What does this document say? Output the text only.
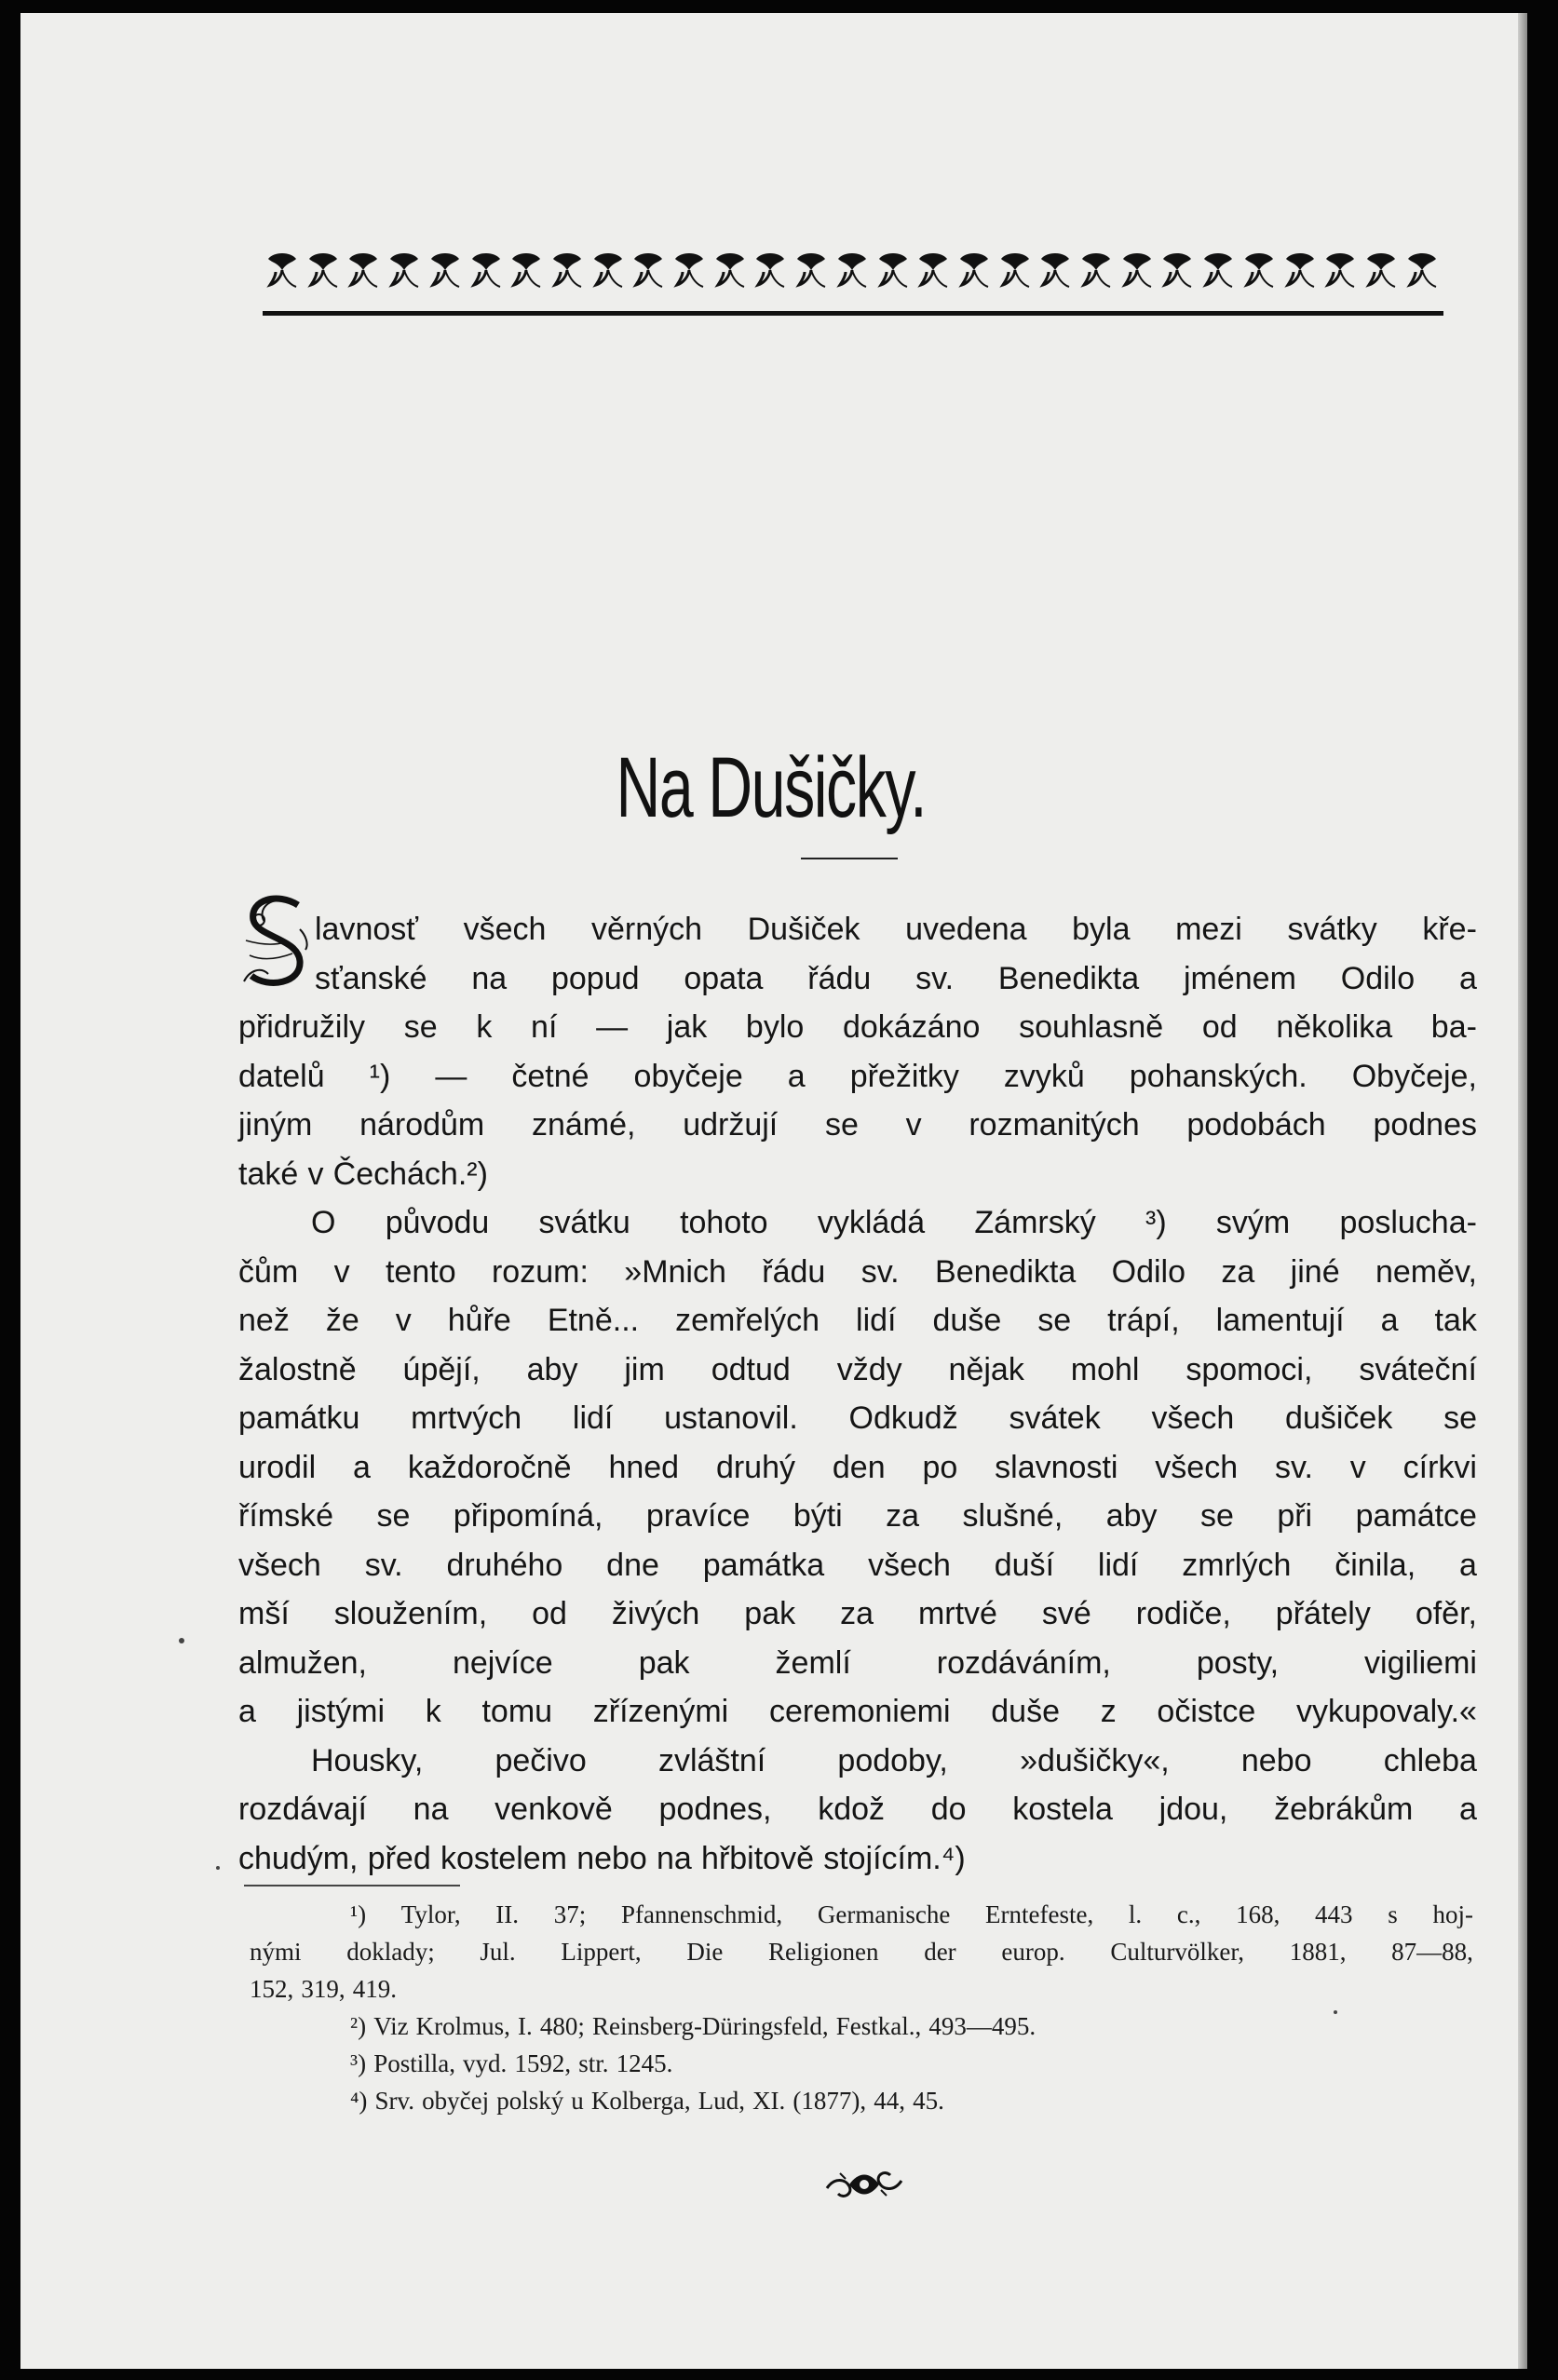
Na Dušičky.
lavnosť všech věrných Dušiček uvedena byla mezi svátky kře-
sťanské na popud opata řádu sv. Benedikta jménem Odilo a
přidružily se k ní — jak bylo dokázáno souhlasně od několika ba-
datelů ¹) — četné obyčeje a přežitky zvyků pohanských. Obyčeje,
jiným národům známé, udržují se v rozmanitých podobách podnes
také v Čechách.²)
O původu svátku tohoto vykládá Zámrský ³) svým poslucha-
čům v tento rozum: »Mnich řádu sv. Benedikta Odilo za jiné neměv,
než že v hůře Etně... zemřelých lidí duše se trápí, lamentují a tak
žalostně úpějí, aby jim odtud vždy nějak mohl spomoci, sváteční
památku mrtvých lidí ustanovil. Odkudž svátek všech dušiček se
urodil a každoročně hned druhý den po slavnosti všech sv. v církvi
římské se připomíná, pravíce býti za slušné, aby se při památce
všech sv. druhého dne památka všech duší lidí zmrlých činila, a
mší sloužením, od živých pak za mrtvé své rodiče, přátely ofěr,
almužen,	nejvíce	pak	žemlí	rozdáváním,	posty,	vigiliemi
a jistými k tomu zřízenými ceremoniemi duše z očistce vykupovaly.«
Housky, pečivo zvláštní podoby, »dušičky«, nebo chleba
rozdávají na venkově podnes, kdož do kostela jdou, žebrákům a
chudým, před kostelem nebo na hřbitově stojícím.⁴)
¹) Tylor, II. 37; Pfannenschmid, Germanische Erntefeste, l. c., 168, 443 s hoj-
nými doklady; Jul. Lippert, Die Religionen der europ. Culturvölker, 1881, 87—88,
152, 319, 419.
²) Viz Krolmus, I. 480; Reinsberg-Düringsfeld, Festkal., 493—495.
³) Postilla, vyd. 1592, str. 1245.
⁴) Srv. obyčej polský u Kolberga, Lud, XI. (1877), 44, 45.
